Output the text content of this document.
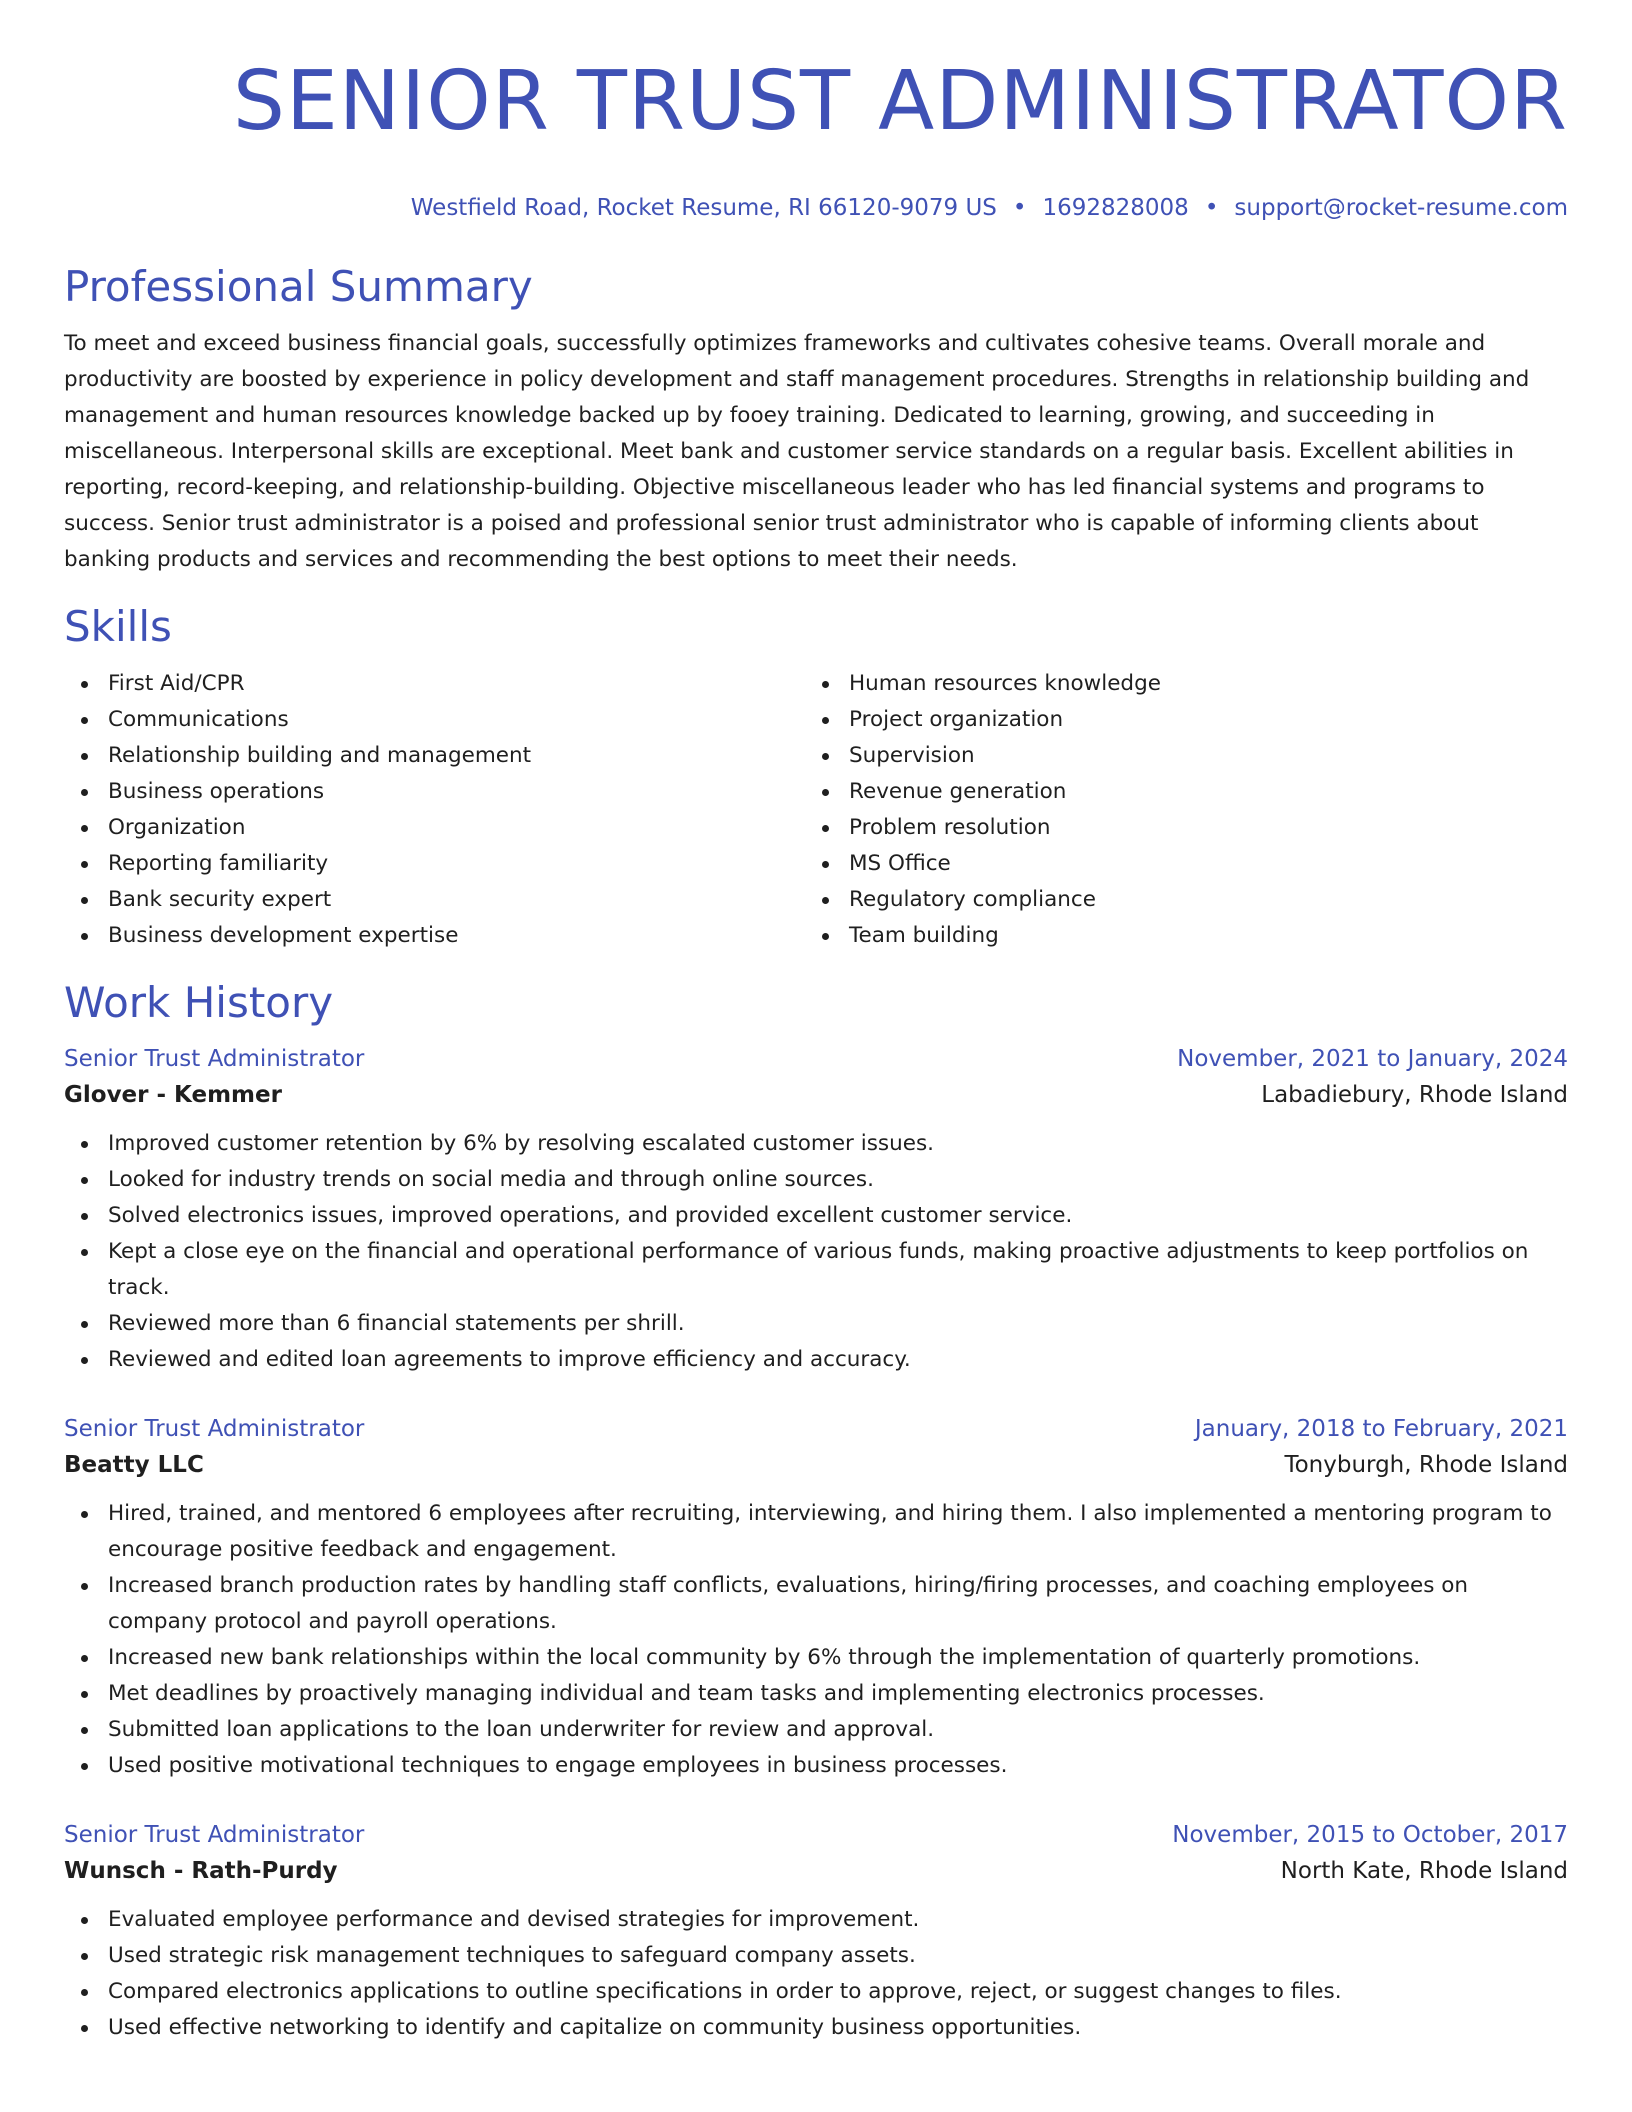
SENIOR TRUST ADMINISTRATOR
Westfield Road, Rocket Resume, RI 66120-9079 US • 1692828008 • support@rocket-resume.com
Professional Summary

To meet and exceed business financial goals, successfully optimizes frameworks and cultivates cohesive teams. Overall morale and productivity are boosted by experience in policy development and staff management procedures. Strengths in relationship building and management and human resources knowledge backed up by fooey training. Dedicated to learning, growing, and succeeding in miscellaneous. Interpersonal skills are exceptional. Meet bank and customer service standards on a regular basis. Excellent abilities in reporting, record-keeping, and relationship-building. Objective miscellaneous leader who has led financial systems and programs to success. Senior trust administrator is a poised and professional senior trust administrator who is capable of informing clients about banking products and services and recommending the best options to meet their needs.

Skills
First Aid/CPR
Communications
Relationship building and management
Business operations
Organization
Reporting familiarity
Bank security expert
Business development expertise
Human resources knowledge
Project organization
Supervision
Revenue generation
Problem resolution
MS Office
Regulatory compliance
Team building
Work History
Senior Trust Administrator	November, 2021 to January, 2024
Glover - Kemmer	Labadiebury, Rhode Island
Improved customer retention by 6% by resolving escalated customer issues.
Looked for industry trends on social media and through online sources.
Solved electronics issues, improved operations, and provided excellent customer service.
Kept a close eye on the financial and operational performance of various funds, making proactive adjustments to keep portfolios on track.
Reviewed more than 6 financial statements per shrill.
Reviewed and edited loan agreements to improve efficiency and accuracy.
Senior Trust Administrator	January, 2018 to February, 2021
Beatty LLC	Tonyburgh, Rhode Island
Hired, trained, and mentored 6 employees after recruiting, interviewing, and hiring them. I also implemented a mentoring program to encourage positive feedback and engagement.
Increased branch production rates by handling staff conflicts, evaluations, hiring/firing processes, and coaching employees on company protocol and payroll operations.
Increased new bank relationships within the local community by 6% through the implementation of quarterly promotions.
Met deadlines by proactively managing individual and team tasks and implementing electronics processes.
Submitted loan applications to the loan underwriter for review and approval.
Used positive motivational techniques to engage employees in business processes.
Senior Trust Administrator	November, 2015 to October, 2017
Wunsch - Rath-Purdy	North Kate, Rhode Island
Evaluated employee performance and devised strategies for improvement.
Used strategic risk management techniques to safeguard company assets.
Compared electronics applications to outline specifications in order to approve, reject, or suggest changes to files.
Used effective networking to identify and capitalize on community business opportunities.
